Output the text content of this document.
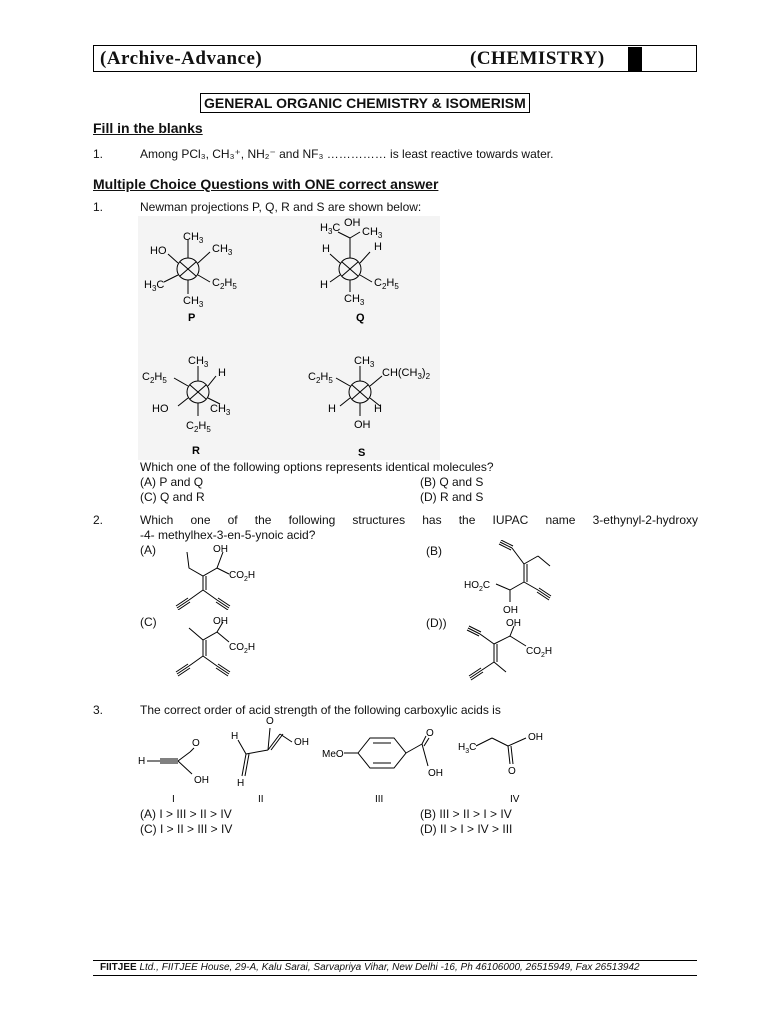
(Archive-Advance)	(CHEMISTRY)
GENERAL ORGANIC CHEMISTRY & ISOMERISM
Fill in the blanks
1.	Among PCl₃, CH₃⁺, NH₂⁻ and NF₃ …………… is least reactive towards water.
Multiple Choice Questions with ONE correct answer
1.	Newman projections P, Q, R and S are shown below:
$CH_3$
HO	$CH_3$
$H_3C$	$C_2H_5$
$CH_3$
P
$H_3C$ OH
$CH_3$
H	H
H	$C_2H_5$
$CH_3$
Q
$CH_3$
$C_2H_5$
H
HO	$CH_3$
$C_2H_5$
R
$CH_3$
$C_2H_5$
$CH(CH_3)_2$
H	H
OH
S
Which one of the following options represents identical molecules?
(A) P and Q	(B) Q and S
(C) Q and R	(D) R and S
2.	Which one of the following structures has the IUPAC name 3-ethynyl-2-hydroxy
-4- methylhex-3-en-5-ynoic acid?
(A)	(B)
(C)	(D))
OH
$CO_2H$
$HO_2C$
OH
OH
$CO_2H$
OH
$CO_2H$
3.	The correct order of acid strength of the following carboxylic acids is
H
O
OH
I
H
O
OH
H
II
MeO
O
OH
III
$H_3C$
OH
O
IV
(A) I > III > II > IV	(B) III > II > I > IV
(C) I > II > III > IV	(D) II > I > IV > III
FIITJEE Ltd., FIITJEE House, 29-A, Kalu Sarai, Sarvapriya Vihar, New Delhi -16, Ph 46106000, 26515949, Fax 26513942
